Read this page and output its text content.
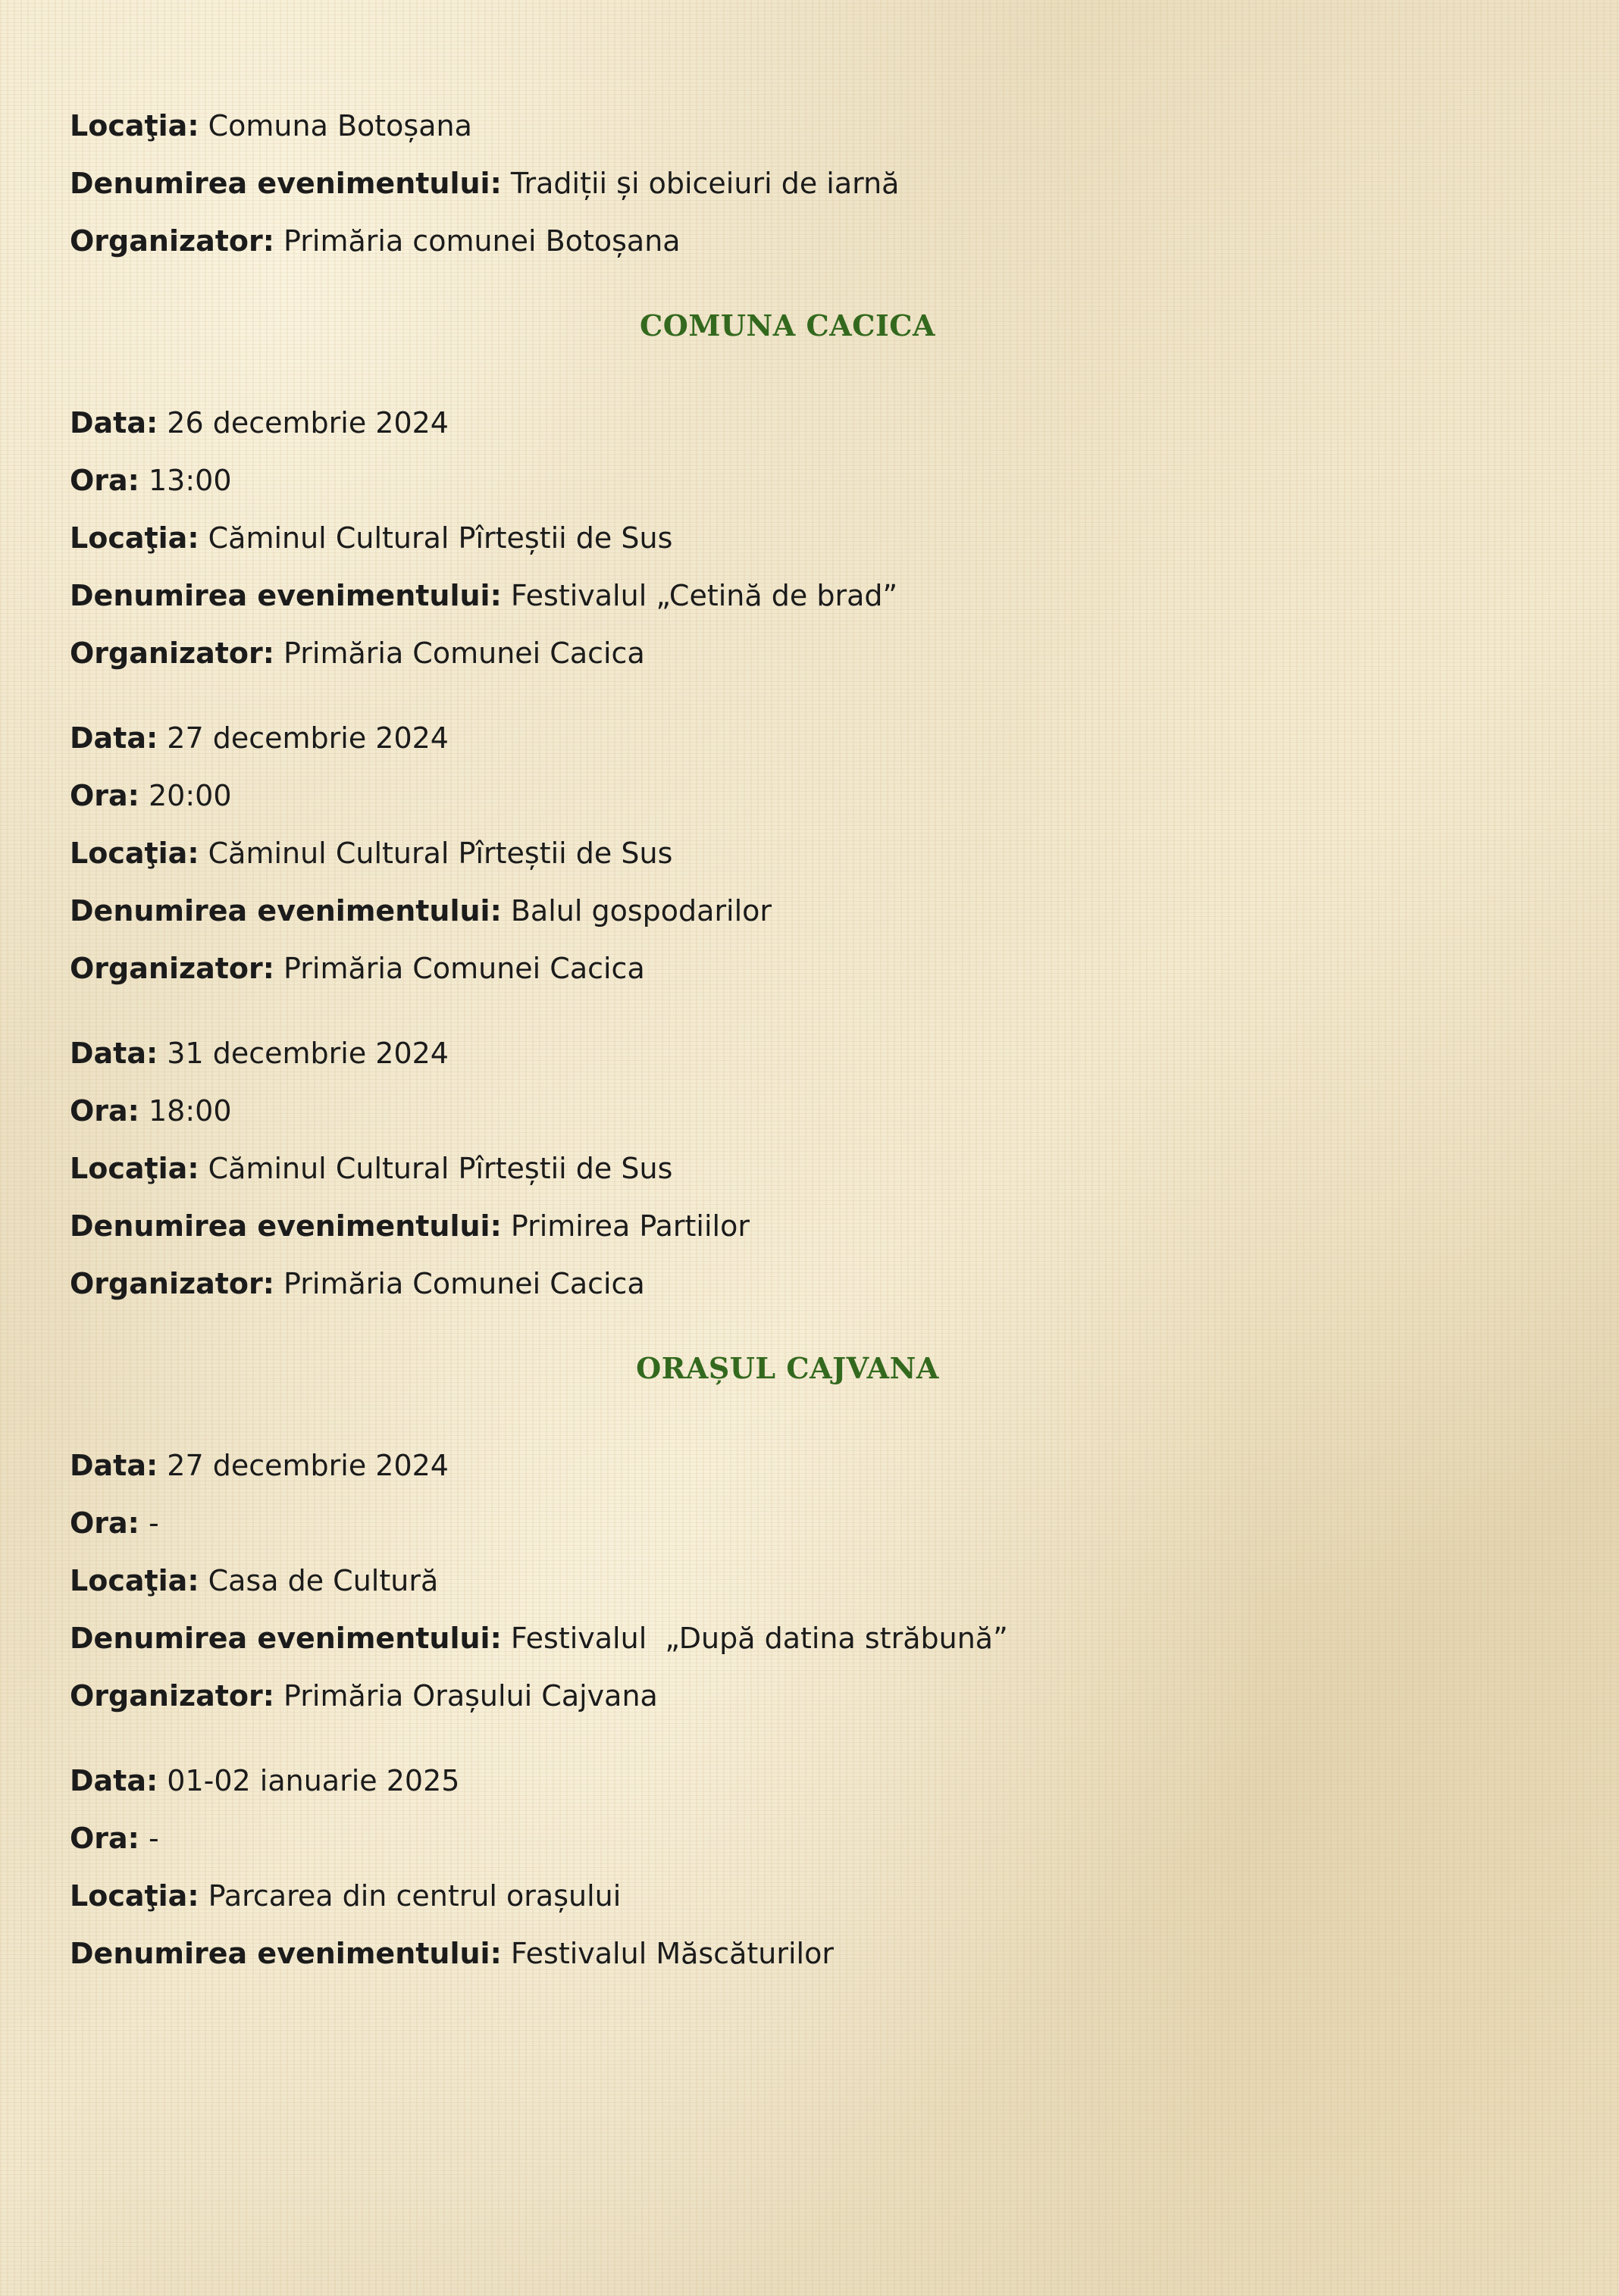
Locaţia: Comuna Botoșana
Denumirea evenimentului: Tradiții și obiceiuri de iarnă
Organizator: Primăria comunei Botoșana
COMUNA CACICA
Data: 26 decembrie 2024
Ora: 13:00
Locaţia: Căminul Cultural Pîrteștii de Sus
Denumirea evenimentului: Festivalul „Cetină de brad”
Organizator: Primăria Comunei Cacica
Data: 27 decembrie 2024
Ora: 20:00
Locaţia: Căminul Cultural Pîrteștii de Sus
Denumirea evenimentului: Balul gospodarilor
Organizator: Primăria Comunei Cacica
Data: 31 decembrie 2024
Ora: 18:00
Locaţia: Căminul Cultural Pîrteștii de Sus
Denumirea evenimentului: Primirea Partiilor
Organizator: Primăria Comunei Cacica
ORAȘUL CAJVANA
Data: 27 decembrie 2024
Ora: -
Locaţia: Casa de Cultură
Denumirea evenimentului: Festivalul  „După datina străbună”
Organizator: Primăria Orașului Cajvana
Data: 01-02 ianuarie 2025
Ora: -
Locaţia: Parcarea din centrul orașului
Denumirea evenimentului: Festivalul Măscăturilor
